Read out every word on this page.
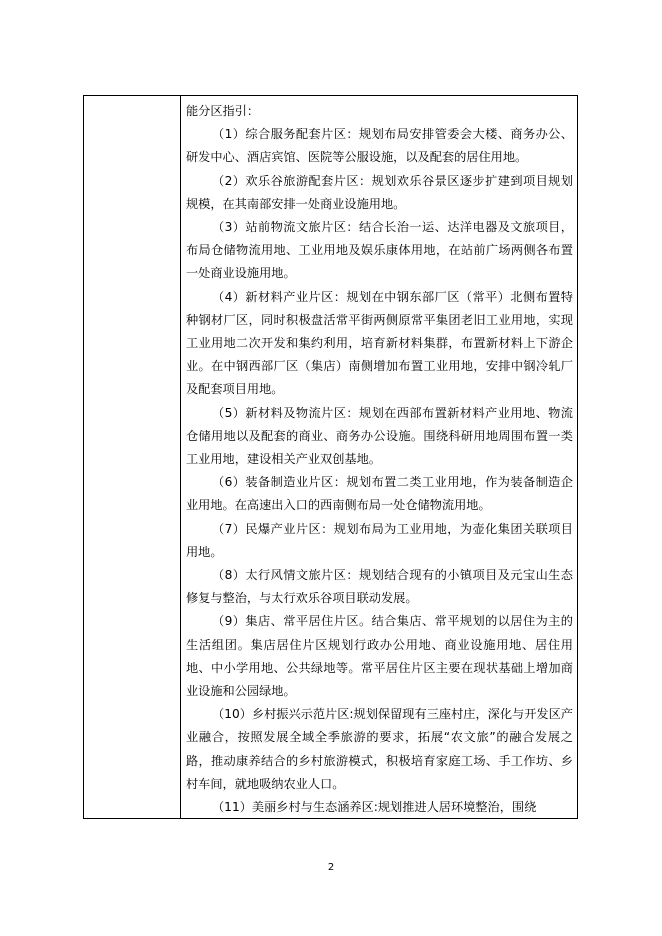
能分区指引：

（1）综合服务配套片区：规划布局安排管委会大楼、商务办公、研发中心、酒店宾馆、医院等公服设施，以及配套的居住用地。

（2）欢乐谷旅游配套片区：规划欢乐谷景区逐步扩建到项目规划规模，在其南部安排一处商业设施用地。

（3）站前物流文旅片区：结合长治一运、达洋电器及文旅项目，布局仓储物流用地、工业用地及娱乐康体用地，在站前广场两侧各布置一处商业设施用地。

（4）新材料产业片区：规划在中钢东部厂区（常平）北侧布置特种钢材厂区，同时积极盘活常平街两侧原常平集团老旧工业用地，实现工业用地二次开发和集约利用，培育新材料集群，布置新材料上下游企业。在中钢西部厂区（集店）南侧增加布置工业用地，安排中钢冷轧厂及配套项目用地。

（5）新材料及物流片区：规划在西部布置新材料产业用地、物流仓储用地以及配套的商业、商务办公设施。围绕科研用地周围布置一类工业用地，建设相关产业双创基地。

（6）装备制造业片区：规划布置二类工业用地，作为装备制造企业用地。在高速出入口的西南侧布局一处仓储物流用地。

（7）民爆产业片区：规划布局为工业用地，为壶化集团关联项目用地。

（8）太行风情文旅片区：规划结合现有的小镇项目及元宝山生态修复与整治，与太行欢乐谷项目联动发展。

（9）集店、常平居住片区。结合集店、常平规划的以居住为主的生活组团。集店居住片区规划行政办公用地、商业设施用地、居住用地、中小学用地、公共绿地等。常平居住片区主要在现状基础上增加商业设施和公园绿地。

（10）乡村振兴示范片区:规划保留现有三座村庄，深化与开发区产业融合，按照发展全域全季旅游的要求，拓展“农文旅”的融合发展之路，推动康养结合的乡村旅游模式，积极培育家庭工场、手工作坊、乡村车间，就地吸纳农业人口。

（11）美丽乡村与生态涵养区:规划推进人居环境整治，围绕

2
